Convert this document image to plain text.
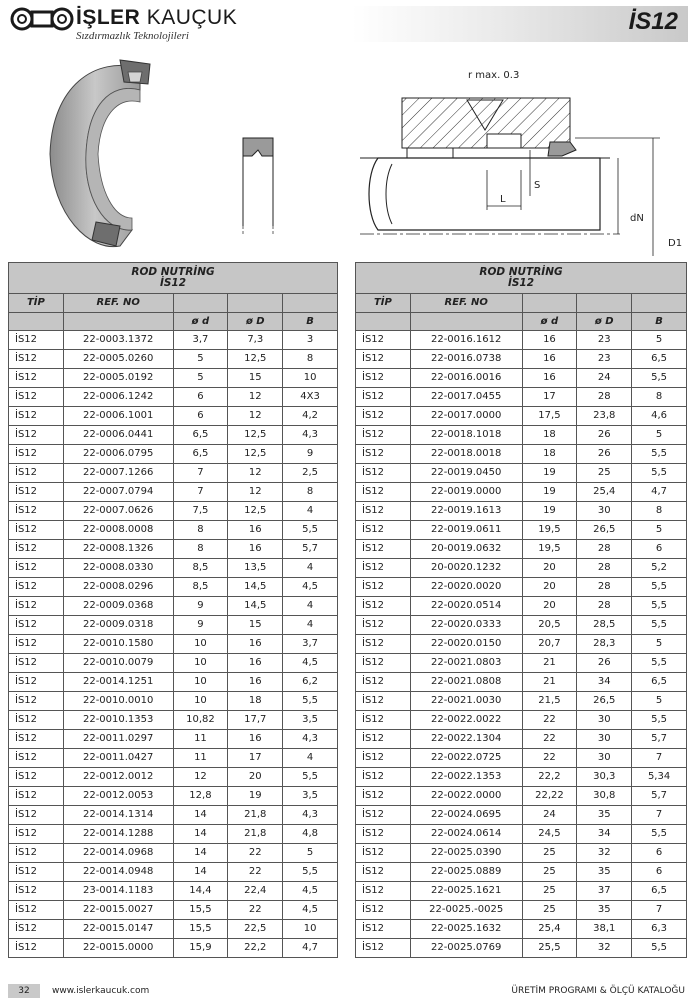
İŞLER KAUÇUK
Sızdırmazlık Teknolojileri
İS12
r max. 0.3
L
S
dN
D1
ROD NUTRİNG
İS12				
TİP	REF. NO			
		ø d	ø D	B
İS12	22-0003.1372	3,7	7,3	3
İS12	22-0005.0260	5	12,5	8
İS12	22-0005.0192	5	15	10
İS12	22-0006.1242	6	12	4X3
İS12	22-0006.1001	6	12	4,2
İS12	22-0006.0441	6,5	12,5	4,3
İS12	22-0006.0795	6,5	12,5	9
İS12	22-0007.1266	7	12	2,5
İS12	22-0007.0794	7	12	8
İS12	22-0007.0626	7,5	12,5	4
İS12	22-0008.0008	8	16	5,5
İS12	22-0008.1326	8	16	5,7
İS12	22-0008.0330	8,5	13,5	4
İS12	22-0008.0296	8,5	14,5	4,5
İS12	22-0009.0368	9	14,5	4
İS12	22-0009.0318	9	15	4
İS12	22-0010.1580	10	16	3,7
İS12	22-0010.0079	10	16	4,5
İS12	22-0014.1251	10	16	6,2
İS12	22-0010.0010	10	18	5,5
İS12	22-0010.1353	10,82	17,7	3,5
İS12	22-0011.0297	11	16	4,3
İS12	22-0011.0427	11	17	4
İS12	22-0012.0012	12	20	5,5
İS12	22-0012.0053	12,8	19	3,5
İS12	22-0014.1314	14	21,8	4,3
İS12	22-0014.1288	14	21,8	4,8
İS12	22-0014.0968	14	22	5
İS12	22-0014.0948	14	22	5,5
İS12	23-0014.1183	14,4	22,4	4,5
İS12	22-0015.0027	15,5	22	4,5
İS12	22-0015.0147	15,5	22,5	10
İS12	22-0015.0000	15,9	22,2	4,7
ROD NUTRİNG
İS12				
TİP	REF. NO			
		ø d	ø D	B
İS12	22-0016.1612	16	23	5
İS12	22-0016.0738	16	23	6,5
İS12	22-0016.0016	16	24	5,5
İS12	22-0017.0455	17	28	8
İS12	22-0017.0000	17,5	23,8	4,6
İS12	22-0018.1018	18	26	5
İS12	22-0018.0018	18	26	5,5
İS12	22-0019.0450	19	25	5,5
İS12	22-0019.0000	19	25,4	4,7
İS12	22-0019.1613	19	30	8
İS12	22-0019.0611	19,5	26,5	5
İS12	20-0019.0632	19,5	28	6
İS12	20-0020.1232	20	28	5,2
İS12	22-0020.0020	20	28	5,5
İS12	22-0020.0514	20	28	5,5
İS12	22-0020.0333	20,5	28,5	5,5
İS12	22-0020.0150	20,7	28,3	5
İS12	22-0021.0803	21	26	5,5
İS12	22-0021.0808	21	34	6,5
İS12	22-0021.0030	21,5	26,5	5
İS12	22-0022.0022	22	30	5,5
İS12	22-0022.1304	22	30	5,7
İS12	22-0022.0725	22	30	7
İS12	22-0022.1353	22,2	30,3	5,34
İS12	22-0022.0000	22,22	30,8	5,7
İS12	22-0024.0695	24	35	7
İS12	22-0024.0614	24,5	34	5,5
İS12	22-0025.0390	25	32	6
İS12	22-0025.0889	25	35	6
İS12	22-0025.1621	25	37	6,5
İS12	22-0025.-0025	25	35	7
İS12	22-0025.1632	25,4	38,1	6,3
İS12	22-0025.0769	25,5	32	5,5
32	www.islerkaucuk.com	ÜRETİM PROGRAMI & ÖLÇÜ KATALOĞU
